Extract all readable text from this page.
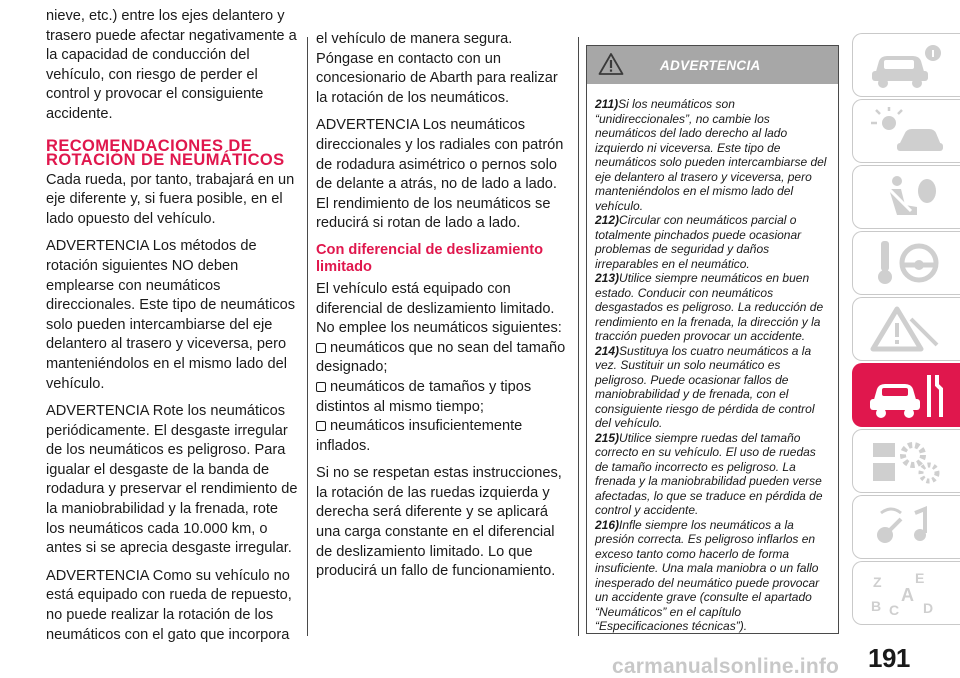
nieve, etc.) entre los ejes delantero y trasero puede afectar negativamente a la capacidad de conducción del vehículo, con riesgo de perder el control y provocar el consiguiente accidente.

RECOMENDACIONES DE ROTACIÓN DE NEUMÁTICOS

Cada rueda, por tanto, trabajará en un eje diferente y, si fuera posible, en el lado opuesto del vehículo.

ADVERTENCIA Los métodos de rotación siguientes NO deben emplearse con neumáticos direccionales. Este tipo de neumáticos solo pueden intercambiarse del eje delantero al trasero y viceversa, pero manteniéndolos en el mismo lado del vehículo.

ADVERTENCIA Rote los neumáticos periódicamente. El desgaste irregular de los neumáticos es peligroso. Para igualar el desgaste de la banda de rodadura y preservar el rendimiento de la maniobrabilidad y la frenada, rote los neumáticos cada 10.000 km, o antes si se aprecia desgaste irregular.

ADVERTENCIA Como su vehículo no está equipado con rueda de repuesto, no puede realizar la rotación de los neumáticos con el gato que incorpora

el vehículo de manera segura. Póngase en contacto con un concesionario de Abarth para realizar la rotación de los neumáticos.

ADVERTENCIA Los neumáticos direccionales y los radiales con patrón de rodadura asimétrico o pernos solo de delante a atrás, no de lado a lado. El rendimiento de los neumáticos se reducirá si rotan de lado a lado.

Con diferencial de deslizamiento limitado

El vehículo está equipado con diferencial de deslizamiento limitado. No emplee los neumáticos siguientes:

neumáticos que no sean del tamaño designado;
neumáticos de tamaños y tipos distintos al mismo tiempo;
neumáticos insuficientemente inflados.

Si no se respetan estas instrucciones, la rotación de las ruedas izquierda y derecha será diferente y se aplicará una carga constante en el diferencial de deslizamiento limitado. Lo que producirá un fallo de funcionamiento.

ADVERTENCIA
211)Si los neumáticos son “unidireccionales”, no cambie los neumáticos del lado derecho al lado izquierdo ni viceversa. Este tipo de neumáticos solo pueden intercambiarse del eje delantero al trasero y viceversa, pero manteniéndolos en el mismo lado del vehículo.
212)Circular con neumáticos parcial o totalmente pinchados puede ocasionar problemas de seguridad y daños irreparables en el neumático.
213)Utilice siempre neumáticos en buen estado. Conducir con neumáticos desgastados es peligroso. La reducción de rendimiento en la frenada, la dirección y la tracción pueden provocar un accidente.
214)Sustituya los cuatro neumáticos a la vez. Sustituir un solo neumático es peligroso. Puede ocasionar fallos de maniobrabilidad y de frenada, con el consiguiente riesgo de pérdida de control del vehículo.
215)Utilice siempre ruedas del tamaño correcto en su vehículo. El uso de ruedas de tamaño incorrecto es peligroso. La frenada y la maniobrabilidad pueden verse afectadas, lo que se traduce en pérdida de control y accidente.
216)Infle siempre los neumáticos a la presión correcta. Es peligroso inflarlos en exceso tanto como hacerlo de forma insuficiente. Una mala maniobra o un fallo inesperado del neumático puede provocar un accidente grave (consulte el apartado “Neumáticos” en el capítulo “Especificaciones técnicas”).
Z E
B C
A
D
191
carmanualsonline.info
